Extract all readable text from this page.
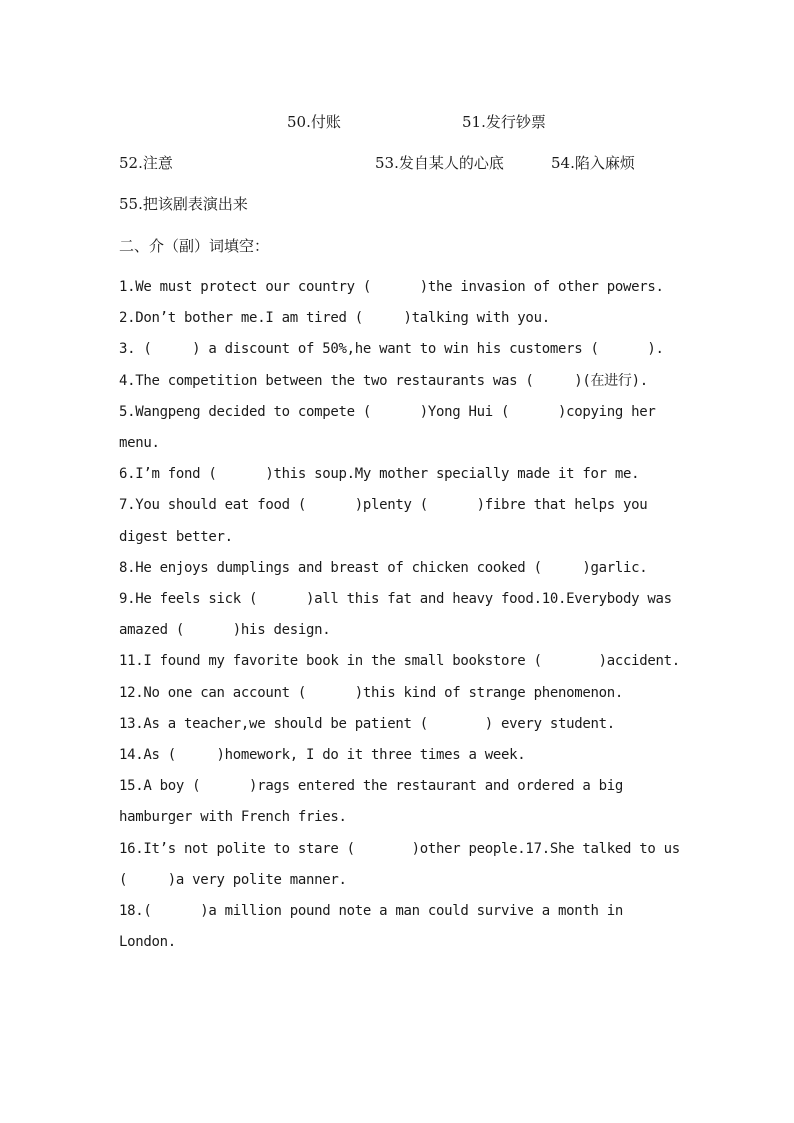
50.付账	51.发行钞票
52.注意	53.发自某人的心底	54.陷入麻烦
55.把该剧表演出来
二、介（副）词填空：

1.We must protect our country (      )the invasion of other powers.

2.Don’t bother me.I am tired (     )talking with you.

3. (     ) a discount of 50%,he want to win his customers (      ).

4.The competition between the two restaurants was (     )(在进行).

5.Wangpeng decided to compete (      )Yong Hui (      )copying her menu.

6.I’m fond (      )this soup.My mother specially made it for me.

7.You should eat food (      )plenty (      )fibre that helps you digest better.

8.He enjoys dumplings and breast of chicken cooked (     )garlic.

9.He feels sick (      )all this fat and heavy food.10.Everybody was amazed (      )his design.

11.I found my favorite book in the small bookstore (       )accident.

12.No one can account (      )this kind of strange phenomenon.

13.As a teacher,we should be patient (       ) every student.

14.As (     )homework, I do it three times a week.

15.A boy (      )rags entered the restaurant and ordered a big hamburger with French fries.

16.It’s not polite to stare (       )other people.17.She talked to us (     )a very polite manner.

18.(      )a million pound note a man could survive a month in London.
